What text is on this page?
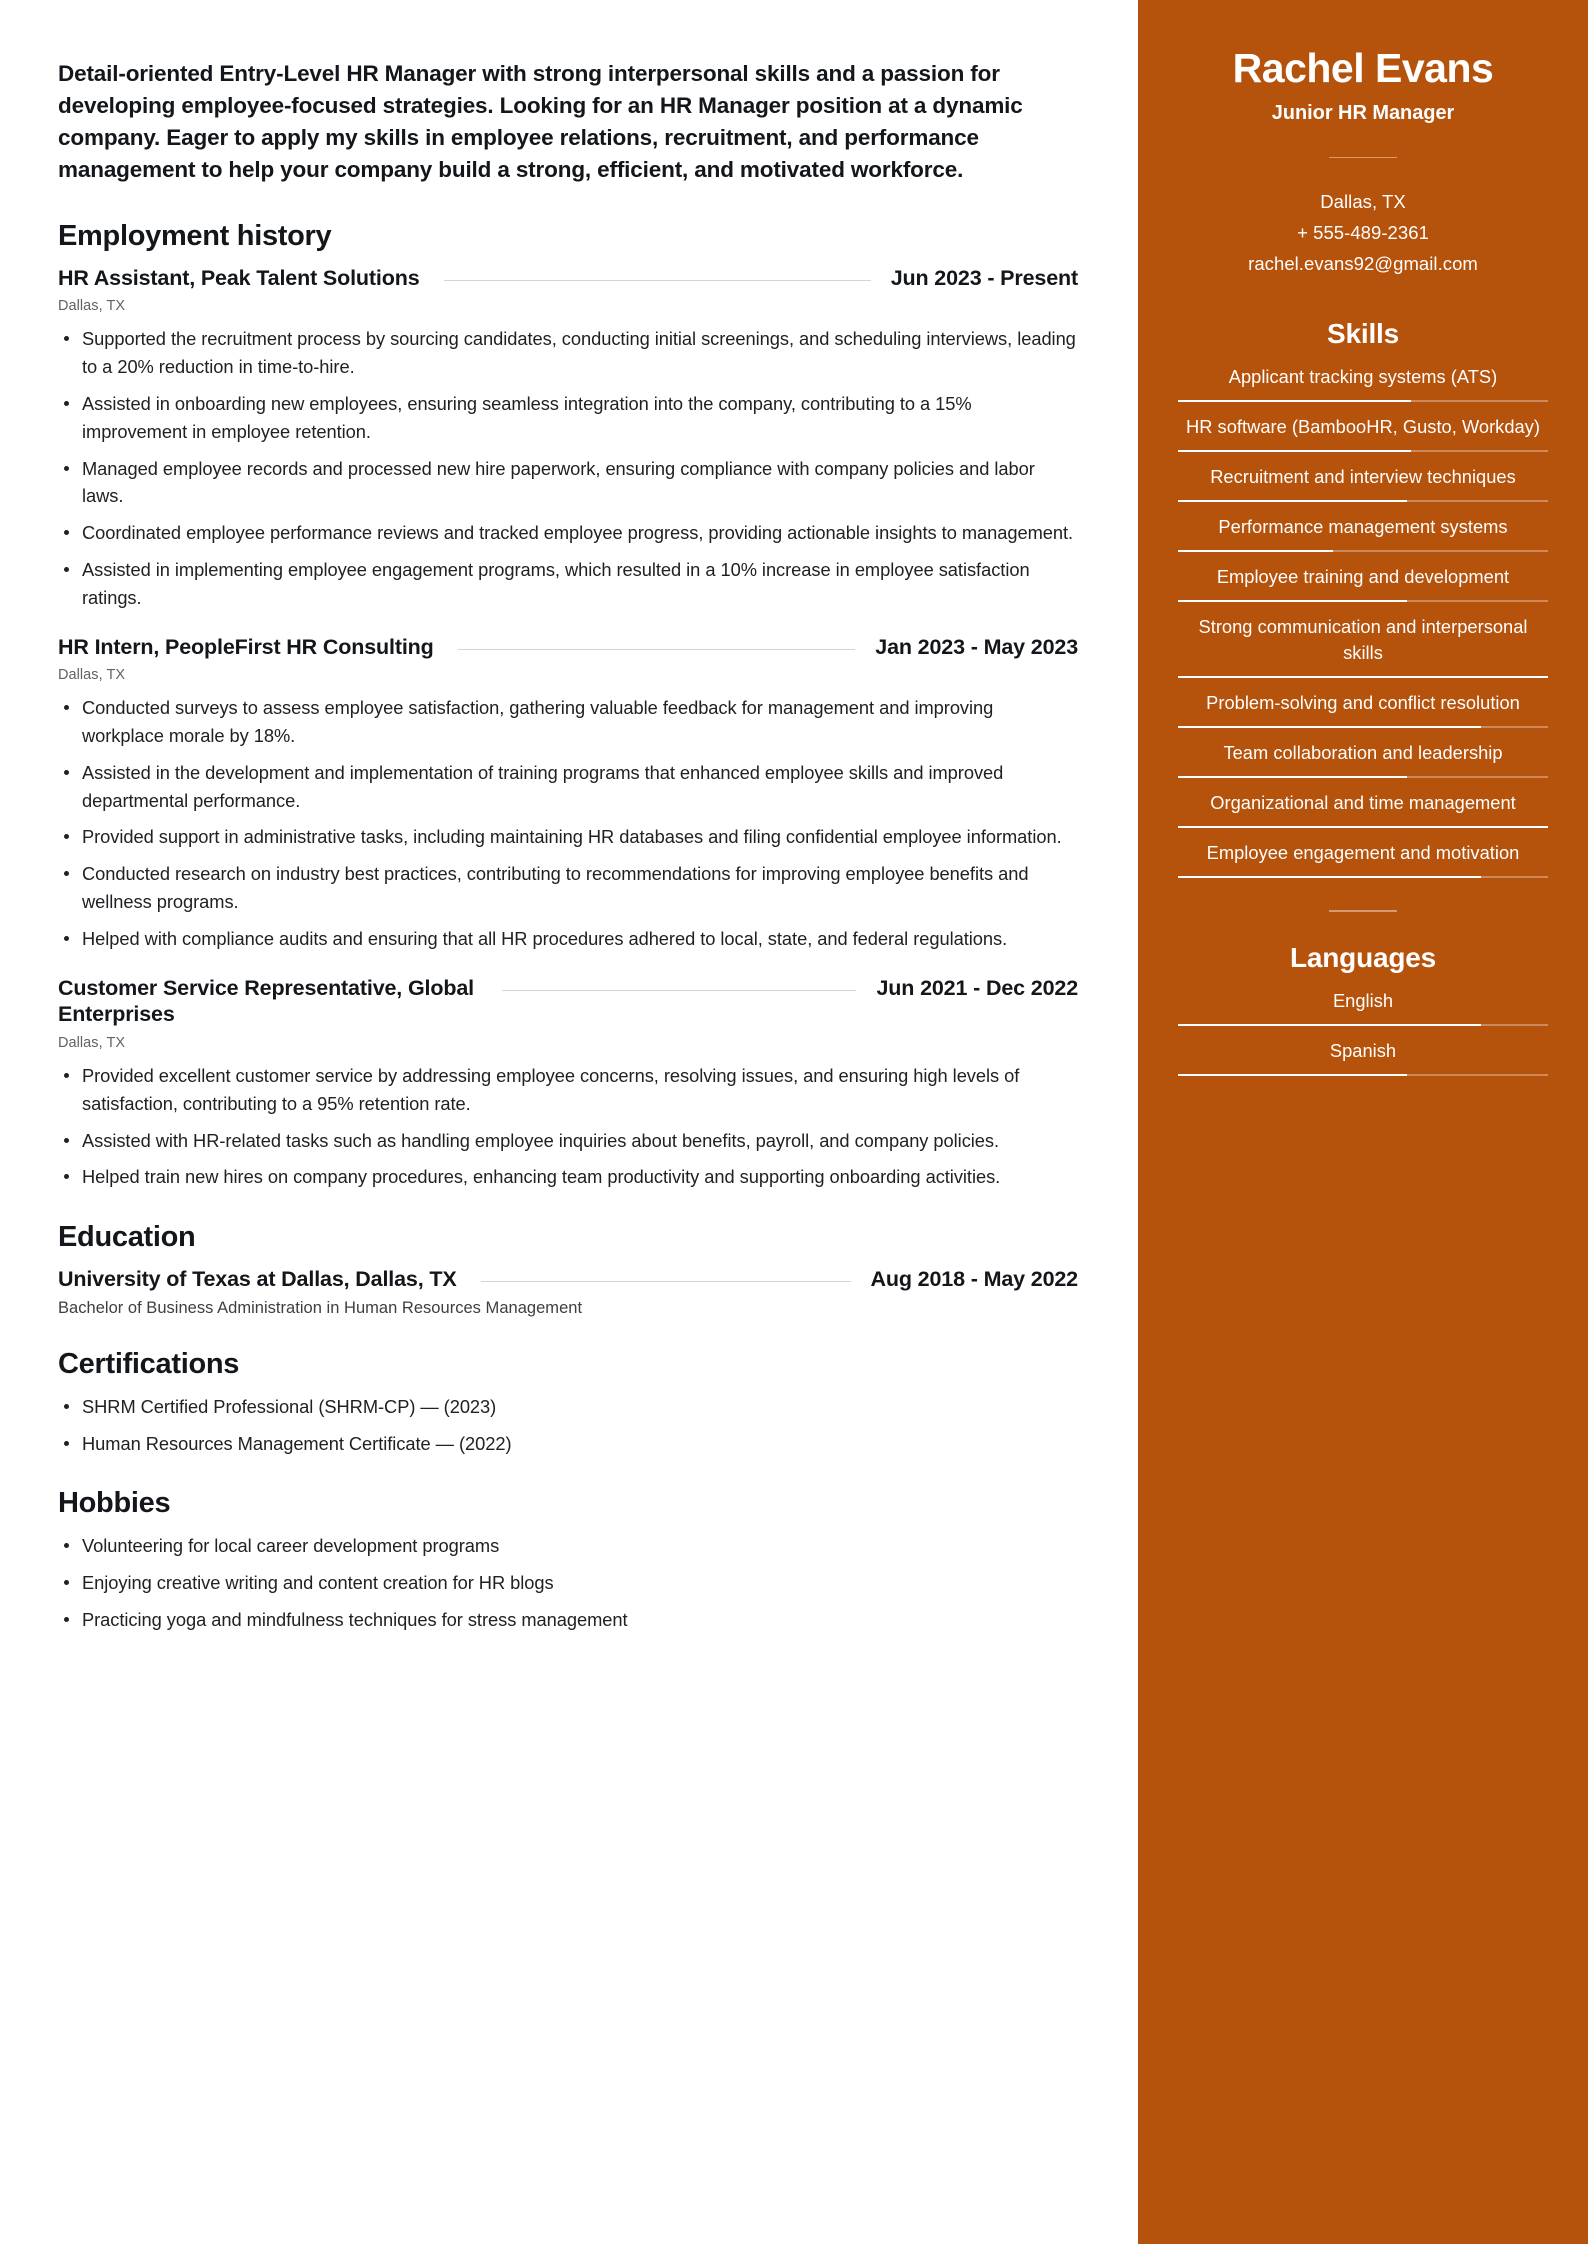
Detail-oriented Entry-Level HR Manager with strong interpersonal skills and a passion for developing employee-focused strategies. Looking for an HR Manager position at a dynamic company. Eager to apply my skills in employee relations, recruitment, and performance management to help your company build a strong, efficient, and motivated workforce.

Employment history
HR Assistant, Peak Talent Solutions	Jun 2023 - Present
Dallas, TX
Supported the recruitment process by sourcing candidates, conducting initial screenings, and scheduling interviews, leading to a 20% reduction in time-to-hire.
Assisted in onboarding new employees, ensuring seamless integration into the company, contributing to a 15% improvement in employee retention.
Managed employee records and processed new hire paperwork, ensuring compliance with company policies and labor laws.
Coordinated employee performance reviews and tracked employee progress, providing actionable insights to management.
Assisted in implementing employee engagement programs, which resulted in a 10% increase in employee satisfaction ratings.
HR Intern, PeopleFirst HR Consulting	Jan 2023 - May 2023
Dallas, TX
Conducted surveys to assess employee satisfaction, gathering valuable feedback for management and improving workplace morale by 18%.
Assisted in the development and implementation of training programs that enhanced employee skills and improved departmental performance.
Provided support in administrative tasks, including maintaining HR databases and filing confidential employee information.
Conducted research on industry best practices, contributing to recommendations for improving employee benefits and wellness programs.
Helped with compliance audits and ensuring that all HR procedures adhered to local, state, and federal regulations.
Customer Service Representative, Global Enterprises
Jun 2021 - Dec 2022
Dallas, TX
Provided excellent customer service by addressing employee concerns, resolving issues, and ensuring high levels of satisfaction, contributing to a 95% retention rate.
Assisted with HR-related tasks such as handling employee inquiries about benefits, payroll, and company policies.
Helped train new hires on company procedures, enhancing team productivity and supporting onboarding activities.
Education
University of Texas at Dallas, Dallas, TX	Aug 2018 - May 2022
Bachelor of Business Administration in Human Resources Management
Certifications
SHRM Certified Professional (SHRM-CP) — (2023)
Human Resources Management Certificate — (2022)
Hobbies
Volunteering for local career development programs
Enjoying creative writing and content creation for HR blogs
Practicing yoga and mindfulness techniques for stress management
Rachel Evans
Junior HR Manager
Dallas, TX
+ 555-489-2361
rachel.evans92@gmail.com
Skills
Applicant tracking systems (ATS)
HR software (BambooHR, Gusto, Workday)
Recruitment and interview techniques
Performance management systems
Employee training and development
Strong communication and interpersonal skills
Problem-solving and conflict resolution
Team collaboration and leadership
Organizational and time management
Employee engagement and motivation
Languages
English
Spanish
